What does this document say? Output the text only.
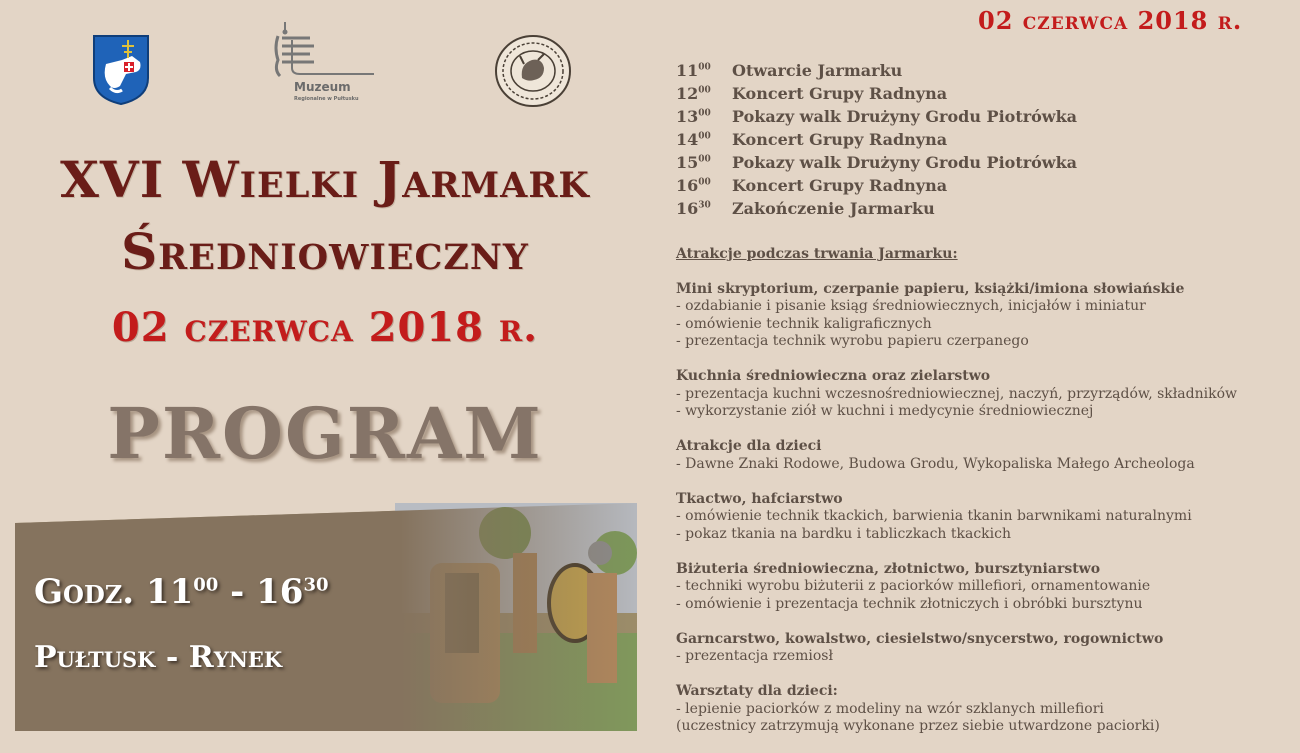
Muzeum
Regionalne w Pułtusku
XVI Wielki Jarmark
Średniowieczny
02 czerwca 2018 r.
PROGRAM
Godz. $11^{00} - 16^{30}$
Pułtusk - Rynek
02 czerwca 2018 r.
$11^{00}$ Otwarcie Jarmarku
$12^{00}$ Koncert Grupy Radnyna
$13^{00}$ Pokazy walk Drużyny Grodu Piotrówka
$14^{00}$ Koncert Grupy Radnyna
$15^{00}$ Pokazy walk Drużyny Grodu Piotrówka
$16^{00}$ Koncert Grupy Radnyna
$16^{30}$ Zakończenie Jarmarku
Atrakcje podczas trwania Jarmarku:
Mini skryptorium, czerpanie papieru, książki/imiona słowiańskie
- ozdabianie i pisanie ksiąg średniowiecznych, inicjałów i miniatur
- omówienie technik kaligraficznych
- prezentacja technik wyrobu papieru czerpanego
Kuchnia średniowieczna oraz zielarstwo
- prezentacja kuchni wczesnośredniowiecznej, naczyń, przyrządów, składników
- wykorzystanie ziół w kuchni i medycynie średniowiecznej
Atrakcje dla dzieci
- Dawne Znaki Rodowe, Budowa Grodu, Wykopaliska Małego Archeologa
Tkactwo, hafciarstwo
- omówienie technik tkackich, barwienia tkanin barwnikami naturalnymi
- pokaz tkania na bardku i tabliczkach tkackich
Biżuteria średniowieczna, złotnictwo, bursztyniarstwo
- techniki wyrobu biżuterii z paciorków millefiori, ornamentowanie
- omówienie i prezentacja technik złotniczych i obróbki bursztynu
Garncarstwo, kowalstwo, ciesielstwo/snycerstwo, rogownictwo
- prezentacja rzemiosł
Warsztaty dla dzieci:
- lepienie paciorków z modeliny na wzór szklanych millefiori
(uczestnicy zatrzymują wykonane przez siebie utwardzone paciorki)
